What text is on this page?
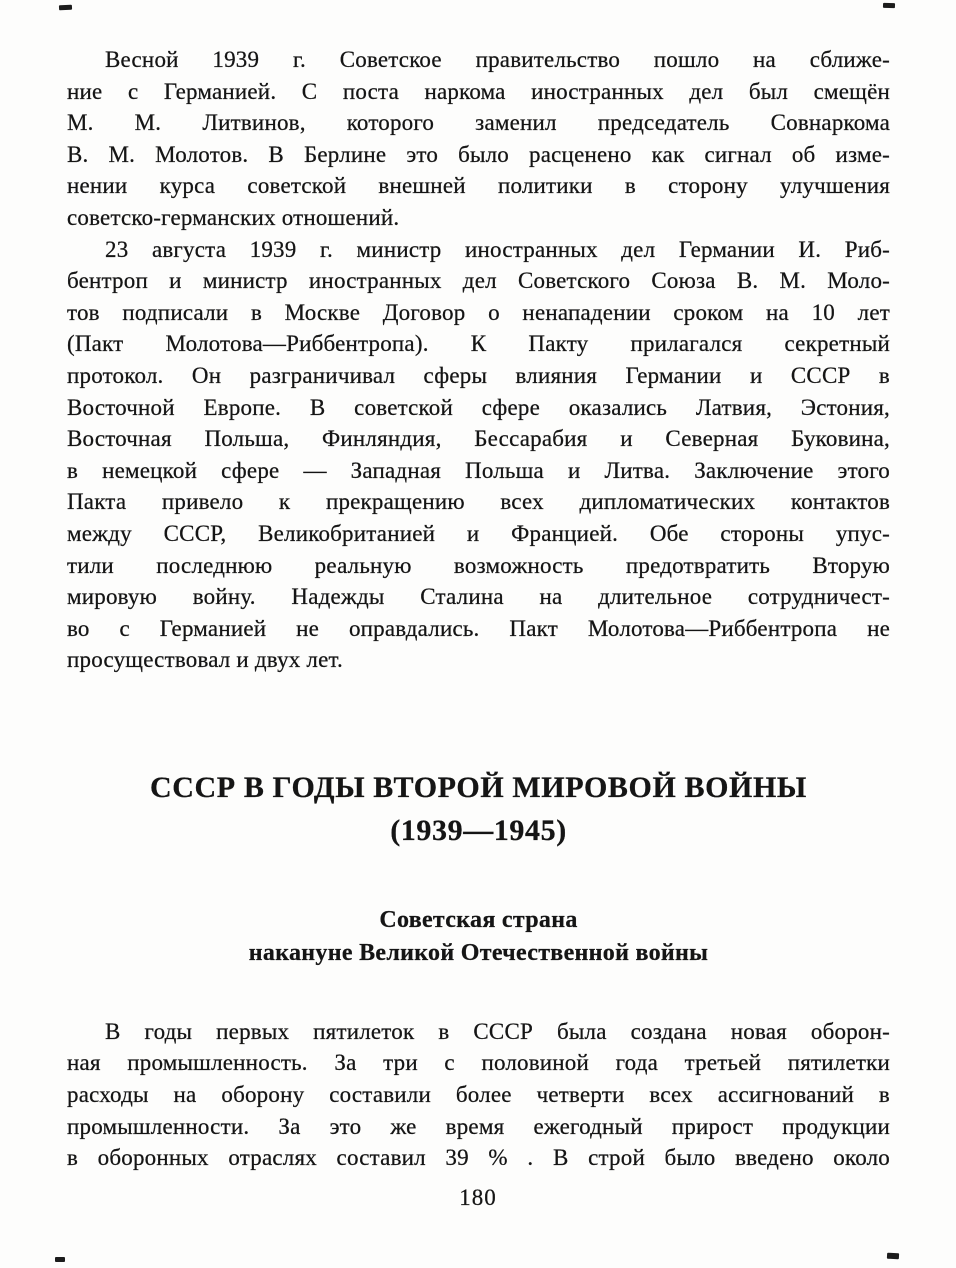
Весной 1939 г. Советское правительство пошло на сближе-
ние с Германией. С поста наркома иностранных дел был смещён
М. М. Литвинов, которого заменил председатель Совнаркома
В. М. Молотов. В Берлине это было расценено как сигнал об изме-
нении курса советской внешней политики в сторону улучшения
советско-германских отношений.
23 августа 1939 г. министр иностранных дел Германии И. Риб-
бентроп и министр иностранных дел Советского Союза В. М. Моло-
тов подписали в Москве Договор о ненападении сроком на 10 лет
(Пакт Молотова—Риббентропа). К Пакту прилагался секретный
протокол. Он разграничивал сферы влияния Германии и СССР в
Восточной Европе. В советской сфере оказались Латвия, Эстония,
Восточная Польша, Финляндия, Бессарабия и Северная Буковина,
в немецкой сфере — Западная Польша и Литва. Заключение этого
Пакта привело к прекращению всех дипломатических контактов
между СССР, Великобританией и Францией. Обе стороны упус-
тили последнюю реальную возможность предотвратить Вторую
мировую войну. Надежды Сталина на длительное сотрудничест-
во с Германией не оправдались. Пакт Молотова—Риббентропа не
просуществовал и двух лет.
СССР В ГОДЫ ВТОРОЙ МИРОВОЙ ВОЙНЫ
(1939—1945)
Советская страна
накануне Великой Отечественной войны
В годы первых пятилеток в СССР была создана новая оборон-
ная промышленность. За три с половиной года третьей пятилетки
расходы на оборону составили более четверти всех ассигнований в
промышленности. За это же время ежегодный прирост продукции
в оборонных отраслях составил 39 % . В строй было введено около
180
